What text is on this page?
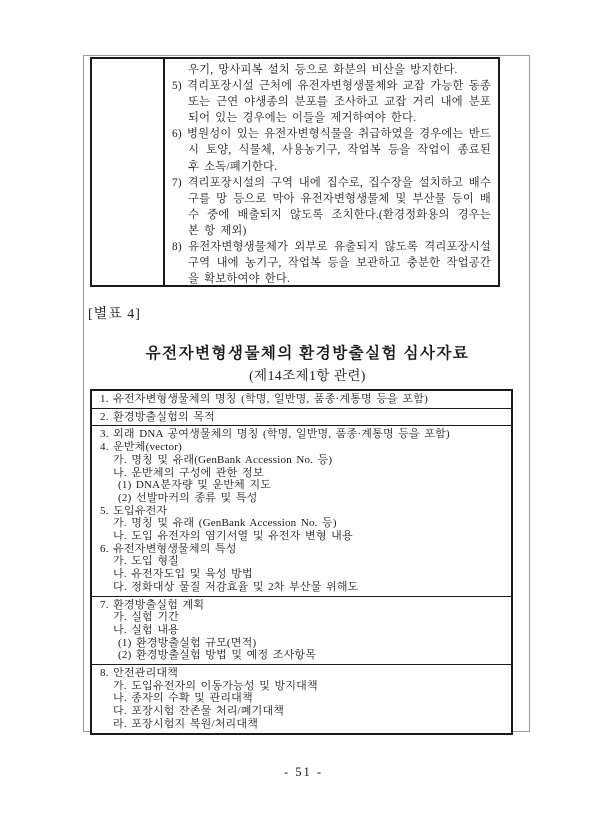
우기, 망사피복 설치 등으로 화분의 비산을 방지한다.

5) 격리포장시설 근처에 유전자변형생물체와 교잡 가능한 동종 또는 근연 야생종의 분포를 조사하고 교잡 거리 내에 분포되어 있는 경우에는 이들을 제거하여야 한다.

6) 병원성이 있는 유전자변형식물을 취급하였을 경우에는 반드시 토양, 식물체, 사용농기구, 작업복 등을 작업이 종료된 후 소독/폐기한다.

7) 격리포장시설의 구역 내에 집수로, 집수장을 설치하고 배수구를 망 등으로 막아 유전자변형생물체 및 부산물 등이 배수 중에 배출되지 않도록 조치한다.(환경정화용의 경우는 본 항 제외)

8) 유전자변형생물체가 외부로 유출되지 않도록 격리포장시설 구역 내에 농기구, 작업복 등을 보관하고 충분한 작업공간을 확보하여야 한다.

[별표 4]
유전자변형생물체의 환경방출실험 심사자료
(제14조제1항 관련)
1. 유전자변형생물체의 명칭 (학명, 일반명, 품종·계통명 등을 포함)
2. 환경방출실험의 목적
3. 외래 DNA 공여생물체의 명칭 (학명, 일반명, 품종·계통명 등을 포함)
4. 운반체(vector)
가. 명칭 및 유래(GenBank Accession No. 등)
나. 운반체의 구성에 관한 정보
(1) DNA분자량 및 운반체 지도
(2) 선발마커의 종류 및 특성
5. 도입유전자
가. 명칭 및 유래 (GenBank Accession No. 등)
나. 도입 유전자의 염기서열 및 유전자 변형 내용
6. 유전자변형생물체의 특성
가. 도입 형질
나. 유전자도입 및 육성 방법
다. 정화대상 물질 저감효율 및 2차 부산물 위해도
7. 환경방출실험 계획
가. 실험 기간
나. 실험 내용
(1) 환경방출실험 규모(면적)
(2) 환경방출실험 방법 및 예정 조사항목
8. 안전관리대책
가. 도입유전자의 이동가능성 및 방지대책
나. 종자의 수확 및 관리대책
다. 포장시험 잔존물 처리/폐기대책
라. 포장시험지 복원/처리대책
- 51 -
